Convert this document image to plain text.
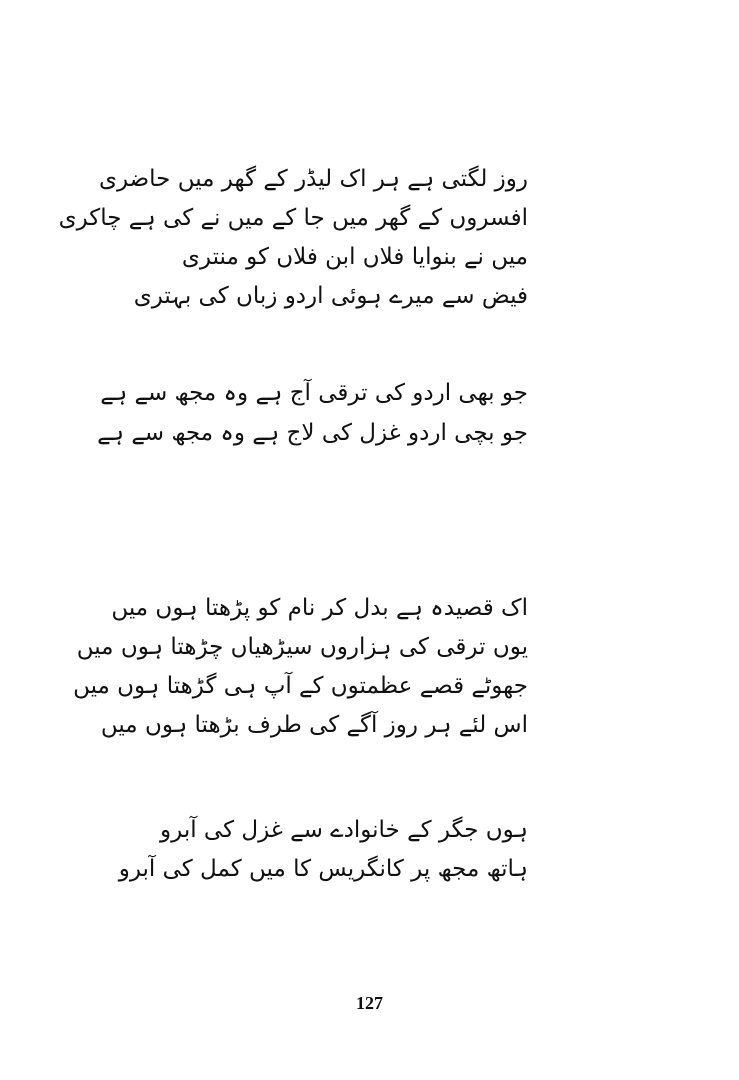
روز لگتی ہے ہر اک لیڈر کے گھر میں حاضری
افسروں کے گھر میں جا کے میں نے کی ہے چاکری
میں نے بنوایا فلاں ابن فلاں کو منتری
فیض سے میرے ہوئی اردو زباں کی بہتری
جو بھی اردو کی ترقی آج ہے وہ مجھ سے ہے
جو بچی اردو غزل کی لاج ہے وہ مجھ سے ہے
اک قصیدہ ہے بدل کر نام کو پڑھتا ہوں میں
یوں ترقی کی ہزاروں سیڑھیاں چڑھتا ہوں میں
جھوٹے قصے عظمتوں کے آپ ہی گڑھتا ہوں میں
اس لئے ہر روز آگے کی طرف بڑھتا ہوں میں
ہوں جگر کے خانوادے سے غزل کی آبرو
ہاتھ مجھ پر کانگریس کا میں کمل کی آبرو
127
